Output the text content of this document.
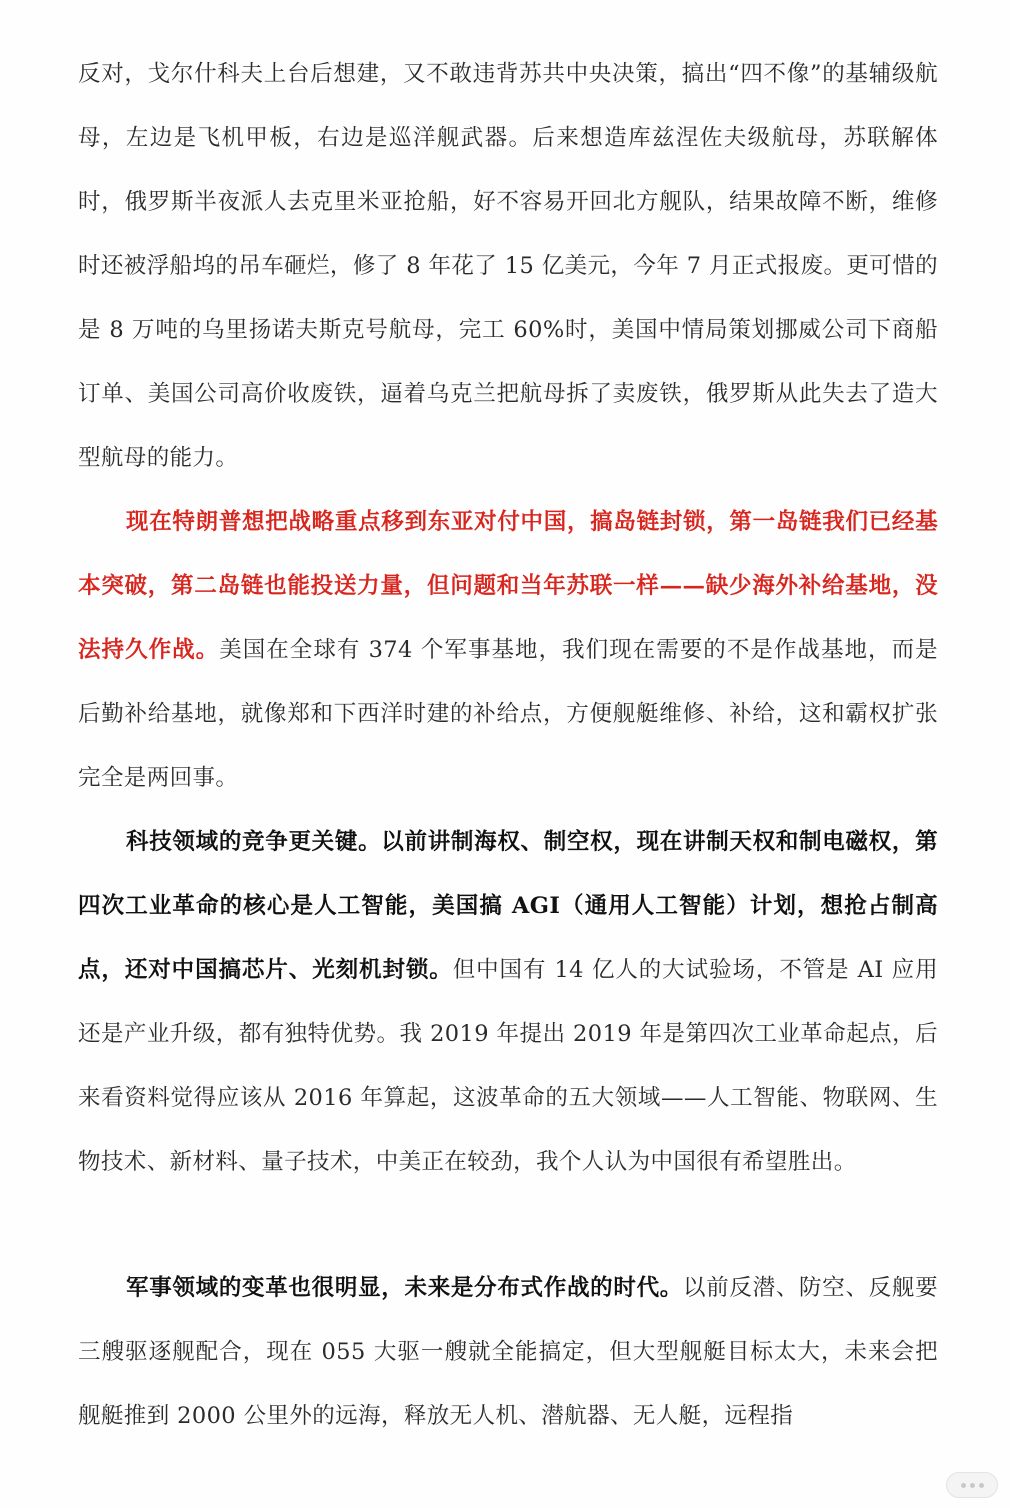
反对，戈尔什科夫上台后想建，又不敢违背苏共中央决策，搞出“四不像”的基辅级航母，左边是飞机甲板，右边是巡洋舰武器。后来想造库兹涅佐夫级航母，苏联解体时，俄罗斯半夜派人去克里米亚抢船，好不容易开回北方舰队，结果故障不断，维修时还被浮船坞的吊车砸烂，修了 8 年花了 15 亿美元，今年 7 月正式报废。更可惜的是 8 万吨的乌里扬诺夫斯克号航母，完工 60%时，美国中情局策划挪威公司下商船订单、美国公司高价收废铁，逼着乌克兰把航母拆了卖废铁，俄罗斯从此失去了造大型航母的能力。

现在特朗普想把战略重点移到东亚对付中国，搞岛链封锁，第一岛链我们已经基本突破，第二岛链也能投送力量，但问题和当年苏联一样——缺少海外补给基地，没法持久作战。美国在全球有 374 个军事基地，我们现在需要的不是作战基地，而是后勤补给基地，就像郑和下西洋时建的补给点，方便舰艇维修、补给，这和霸权扩张完全是两回事。

科技领域的竞争更关键。以前讲制海权、制空权，现在讲制天权和制电磁权，第四次工业革命的核心是人工智能，美国搞 AGI（通用人工智能）计划，想抢占制高点，还对中国搞芯片、光刻机封锁。但中国有 14 亿人的大试验场，不管是 AI 应用还是产业升级，都有独特优势。我 2019 年提出 2019 年是第四次工业革命起点，后来看资料觉得应该从 2016 年算起，这波革命的五大领域——人工智能、物联网、生物技术、新材料、量子技术，中美正在较劲，我个人认为中国很有希望胜出。

军事领域的变革也很明显，未来是分布式作战的时代。以前反潜、防空、反舰要三艘驱逐舰配合，现在 055 大驱一艘就全能搞定，但大型舰艇目标太大，未来会把舰艇推到 2000 公里外的远海，释放无人机、潜航器、无人艇，远程指
